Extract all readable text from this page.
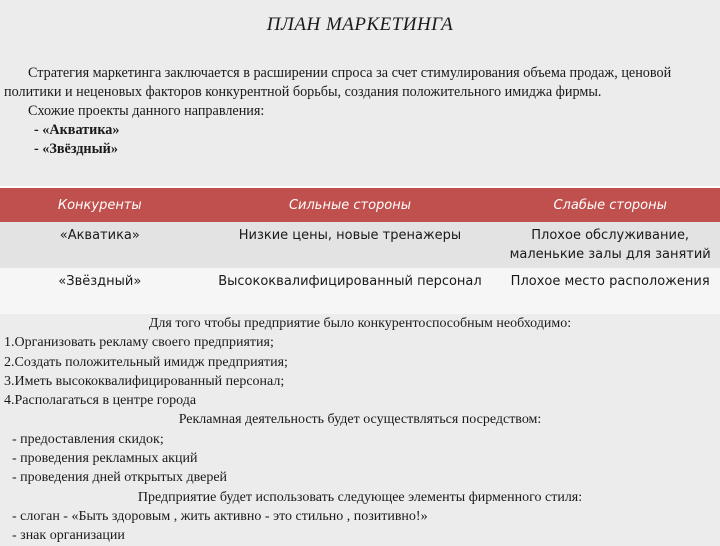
ПЛАН МАРКЕТИНГА

Стратегия маркетинга заключается в расширении спроса за счет стимулирования объема продаж, ценовой политики и неценовых факторов конкурентной борьбы, создания положительного имиджа фирмы.

Схожие проекты данного направления:

- «Акватика»

- «Звёздный»

Конкуренты	Сильные стороны	Слабые стороны
«Акватика»	Низкие цены, новые тренажеры	Плохое обслуживание, маленькие залы для занятий
«Звёздный»	Высококвалифицированный персонал	Плохое место расположения

Для того чтобы предприятие было конкурентоспособным необходимо:

1.Организовать рекламу своего предприятия;

2.Создать положительный имидж предприятия;

3.Иметь высококвалифицированный персонал;

4.Располагаться в центре города

Рекламная деятельность будет осуществляться посредством:

- предоставления скидок;

- проведения рекламных акций

- проведения дней открытых дверей

Предприятие будет использовать следующее элементы фирменного стиля:

- слоган - «Быть здоровым , жить активно - это стильно , позитивно!»

- знак организации
